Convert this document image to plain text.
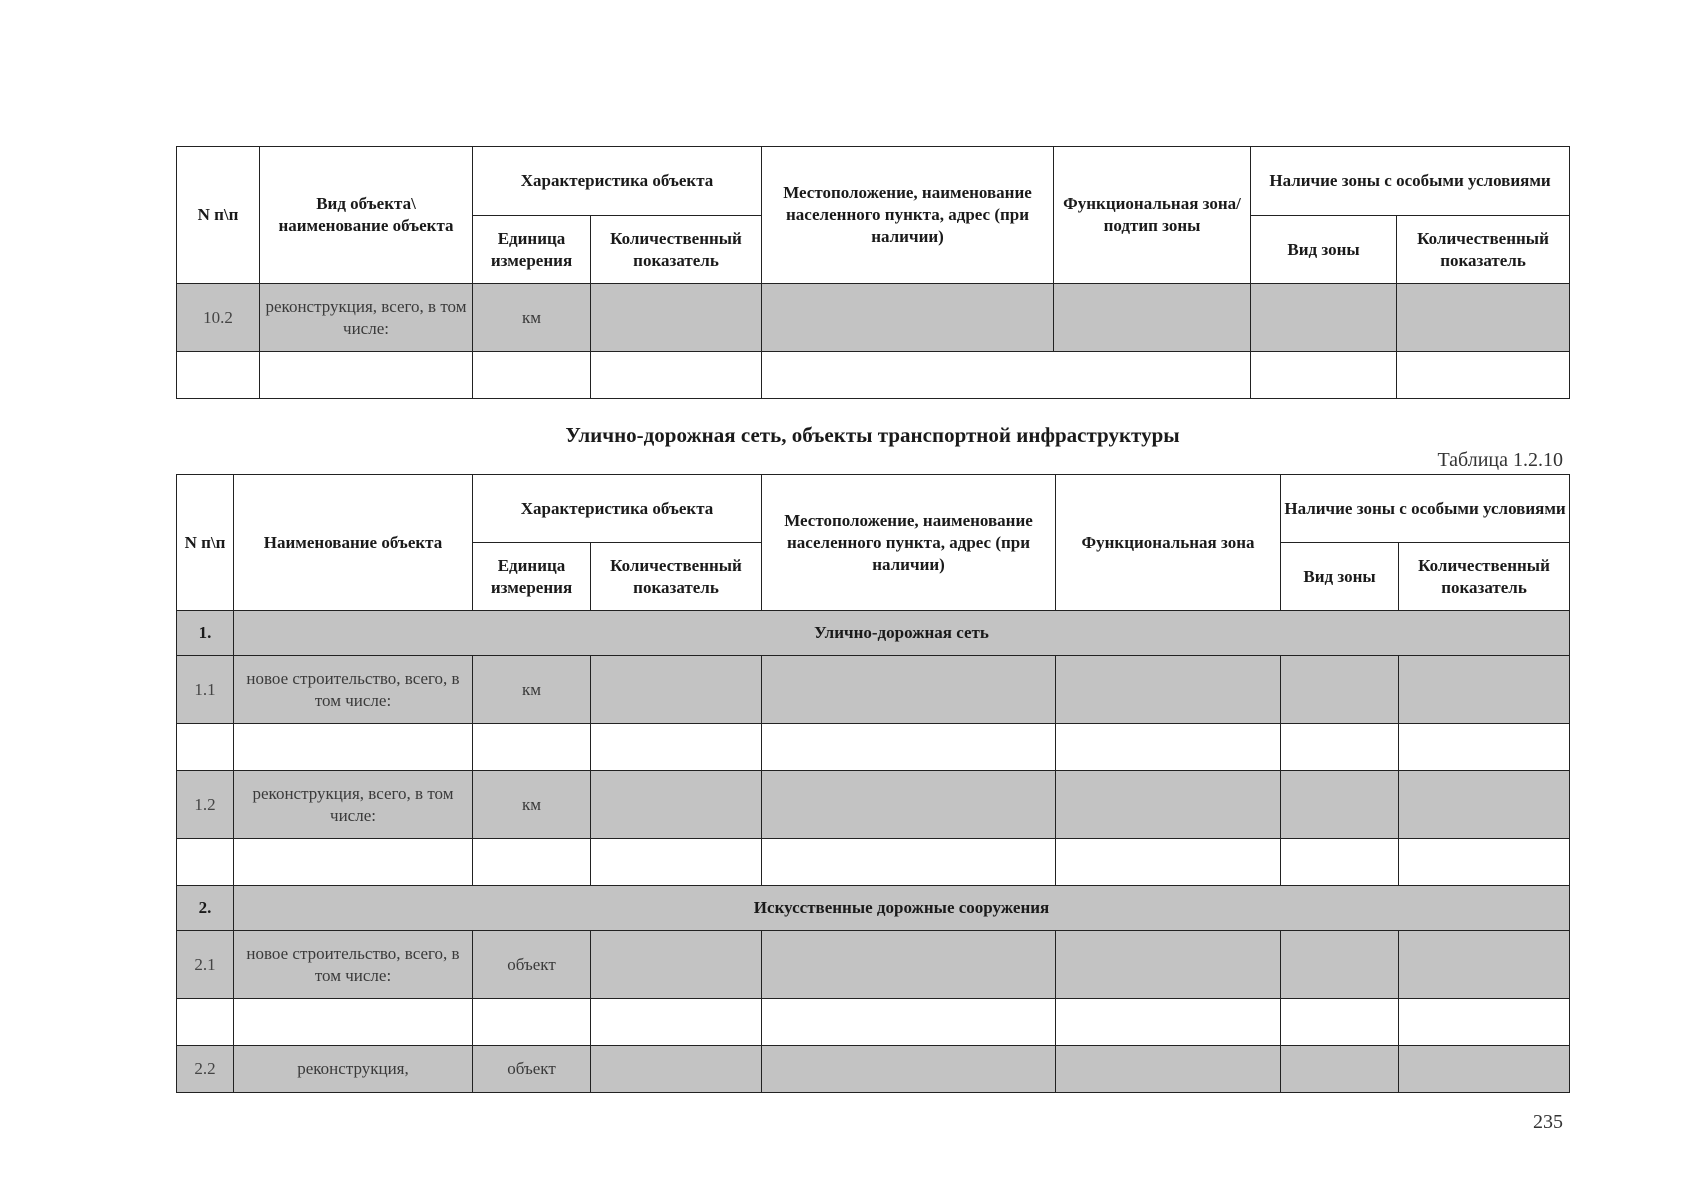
N п\п	Вид объекта\ наименование объекта	Характеристика объекта		Местоположение, наименование населенного пункта, адрес (при наличии)	Функциональная зона/ подтип зоны	Наличие зоны с особыми условиями	
		Единица измерения	Количественный показатель			Вид зоны	Количественный показатель
10.2	реконструкция, всего, в том числе:	км					

Улично-дорожная сеть, объекты транспортной инфраструктуры
Таблица 1.2.10
N п\п	Наименование объекта	Характеристика объекта		Местоположение, наименование населенного пункта, адрес (при наличии)	Функциональная зона	Наличие зоны с особыми условиями	
		Единица измерения	Количественный показатель			Вид зоны	Количественный показатель
1.	Улично-дорожная сеть						
1.1	новое строительство, всего, в том числе:	км					

1.2	реконструкция, всего, в том числе:	км					

2.	Искусственные дорожные сооружения						
2.1	новое строительство, всего, в том числе:	объект					

2.2	реконструкция,	объект					
235
